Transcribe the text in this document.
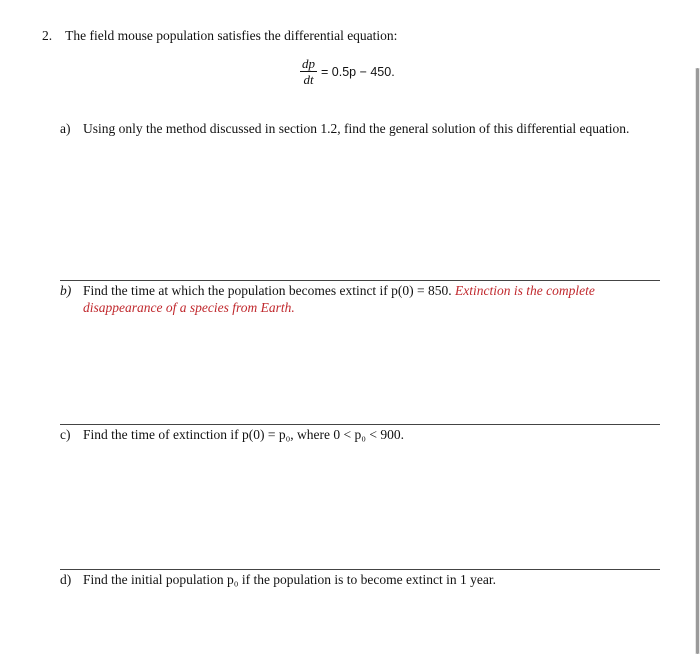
2. The field mouse population satisfies the differential equation:
$\frac{dp}{dt} = 0.5p - 450$.
a) Using only the method discussed in section 1.2, find the general solution of this differential equation.
b) Find the time at which the population becomes extinct if p(0) = 850. Extinction is the complete disappearance of a species from Earth.
c) Find the time of extinction if p(0) = p₀, where 0 < p₀ < 900.
d) Find the initial population p₀ if the population is to become extinct in 1 year.
